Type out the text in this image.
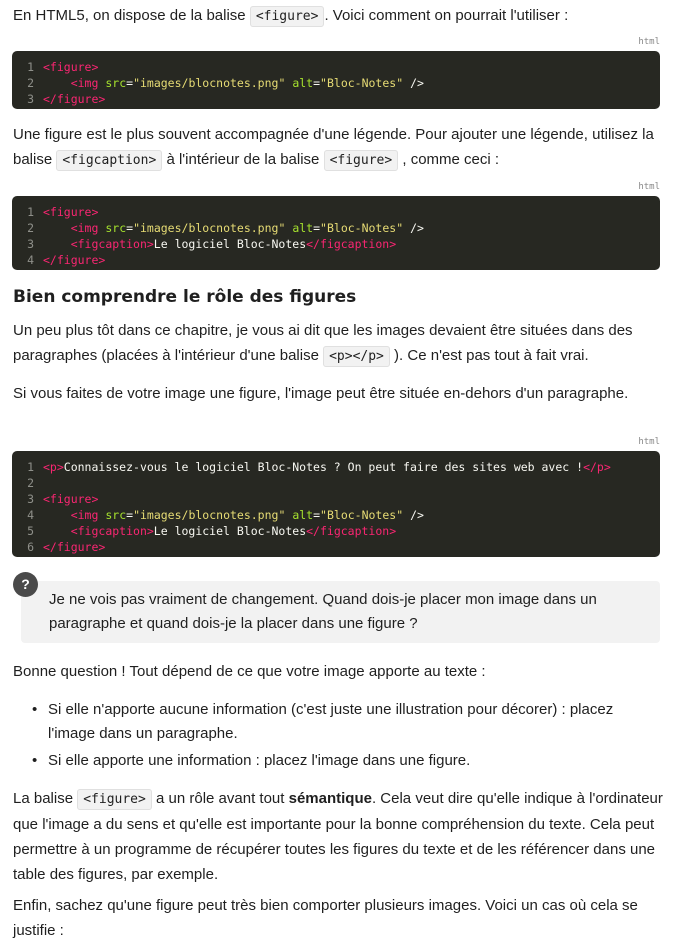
En HTML5, on dispose de la balise <figure> . Voici comment on pourrait l'utiliser :

html
1 <figure>
2	<img src="images/blocnotes.png" alt="Bloc-Notes" />
3 </figure>

Une figure est le plus souvent accompagnée d'une légende. Pour ajouter une légende, utilisez la balise <figcaption> à l'intérieur de la balise <figure> , comme ceci :

html
1 <figure>
2	<img src="images/blocnotes.png" alt="Bloc-Notes" />
3	<figcaption>Le logiciel Bloc-Notes</figcaption>
4 </figure>
Bien comprendre le rôle des figures

Un peu plus tôt dans ce chapitre, je vous ai dit que les images devaient être situées dans des paragraphes (placées à l'intérieur d'une balise <p></p> ). Ce n'est pas tout à fait vrai.

Si vous faites de votre image une figure, l'image peut être située en-dehors d'un paragraphe.

html
1 <p>Connaissez-vous le logiciel Bloc-Notes ? On peut faire des sites web avec !</p>
2
3 <figure>
4	<img src="images/blocnotes.png" alt="Bloc-Notes" />
5	<figcaption>Le logiciel Bloc-Notes</figcaption>
6 </figure>
Je ne vois pas vraiment de changement. Quand dois-je placer mon image dans un paragraphe et quand dois-je la placer dans une figure ?
?

Bonne question ! Tout dépend de ce que votre image apporte au texte :

• Si elle n'apporte aucune information (c'est juste une illustration pour décorer) : placez l'image dans un paragraphe.
• Si elle apporte une information : placez l'image dans une figure.

La balise <figure> a un rôle avant tout sémantique. Cela veut dire qu'elle indique à l'ordinateur que l'image a du sens et qu'elle est importante pour la bonne compréhension du texte. Cela peut permettre à un programme de récupérer toutes les figures du texte et de les référencer dans une table des figures, par exemple.

Enfin, sachez qu'une figure peut très bien comporter plusieurs images. Voici un cas où cela se justifie :
